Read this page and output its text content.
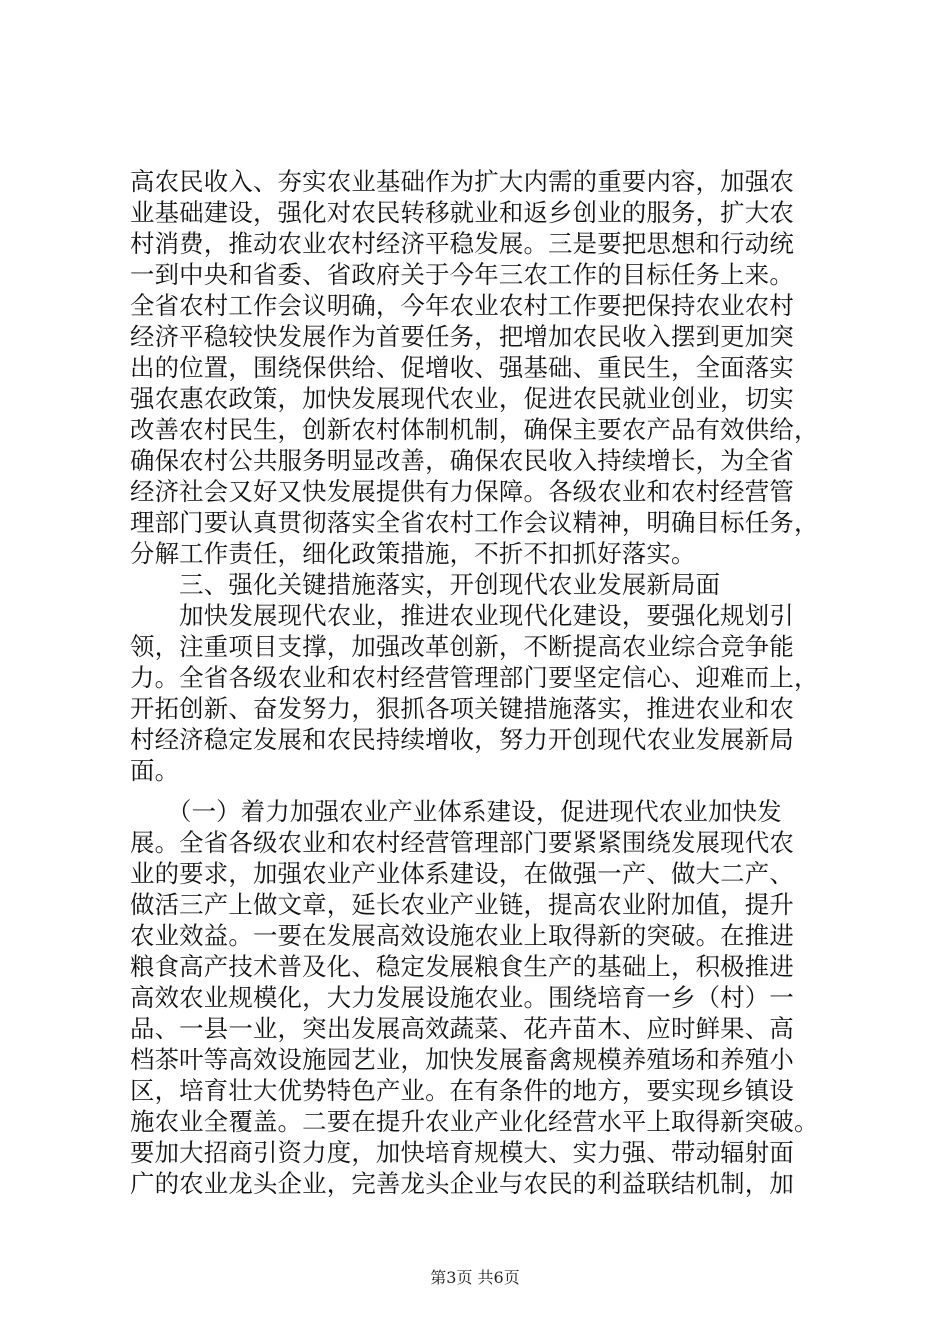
高农民收入、夯实农业基础作为扩大内需的重要内容，加强农
业基础建设，强化对农民转移就业和返乡创业的服务，扩大农
村消费，推动农业农村经济平稳发展。三是要把思想和行动统
一到中央和省委、省政府关于今年三农工作的目标任务上来。
全省农村工作会议明确，今年农业农村工作要把保持农业农村
经济平稳较快发展作为首要任务，把增加农民收入摆到更加突
出的位置，围绕保供给、促增收、强基础、重民生，全面落实
强农惠农政策，加快发展现代农业，促进农民就业创业，切实
改善农村民生，创新农村体制机制，确保主要农产品有效供给，
确保农村公共服务明显改善，确保农民收入持续增长，为全省
经济社会又好又快发展提供有力保障。各级农业和农村经营管
理部门要认真贯彻落实全省农村工作会议精神，明确目标任务，
分解工作责任，细化政策措施，不折不扣抓好落实。
　　三、强化关键措施落实，开创现代农业发展新局面
　　加快发展现代农业，推进农业现代化建设，要强化规划引
领，注重项目支撑，加强改革创新，不断提高农业综合竞争能
力。全省各级农业和农村经营管理部门要坚定信心、迎难而上，
开拓创新、奋发努力，狠抓各项关键措施落实，推进农业和农
村经济稳定发展和农民持续增收，努力开创现代农业发展新局
面。
　　（一）着力加强农业产业体系建设，促进现代农业加快发
展。全省各级农业和农村经营管理部门要紧紧围绕发展现代农
业的要求，加强农业产业体系建设，在做强一产、做大二产、
做活三产上做文章，延长农业产业链，提高农业附加值，提升
农业效益。一要在发展高效设施农业上取得新的突破。在推进
粮食高产技术普及化、稳定发展粮食生产的基础上，积极推进
高效农业规模化，大力发展设施农业。围绕培育一乡（村）一
品、一县一业，突出发展高效蔬菜、花卉苗木、应时鲜果、高
档茶叶等高效设施园艺业，加快发展畜禽规模养殖场和养殖小
区，培育壮大优势特色产业。在有条件的地方，要实现乡镇设
施农业全覆盖。二要在提升农业产业化经营水平上取得新突破。
要加大招商引资力度，加快培育规模大、实力强、带动辐射面
广的农业龙头企业，完善龙头企业与农民的利益联结机制，加
第3页 共6页
